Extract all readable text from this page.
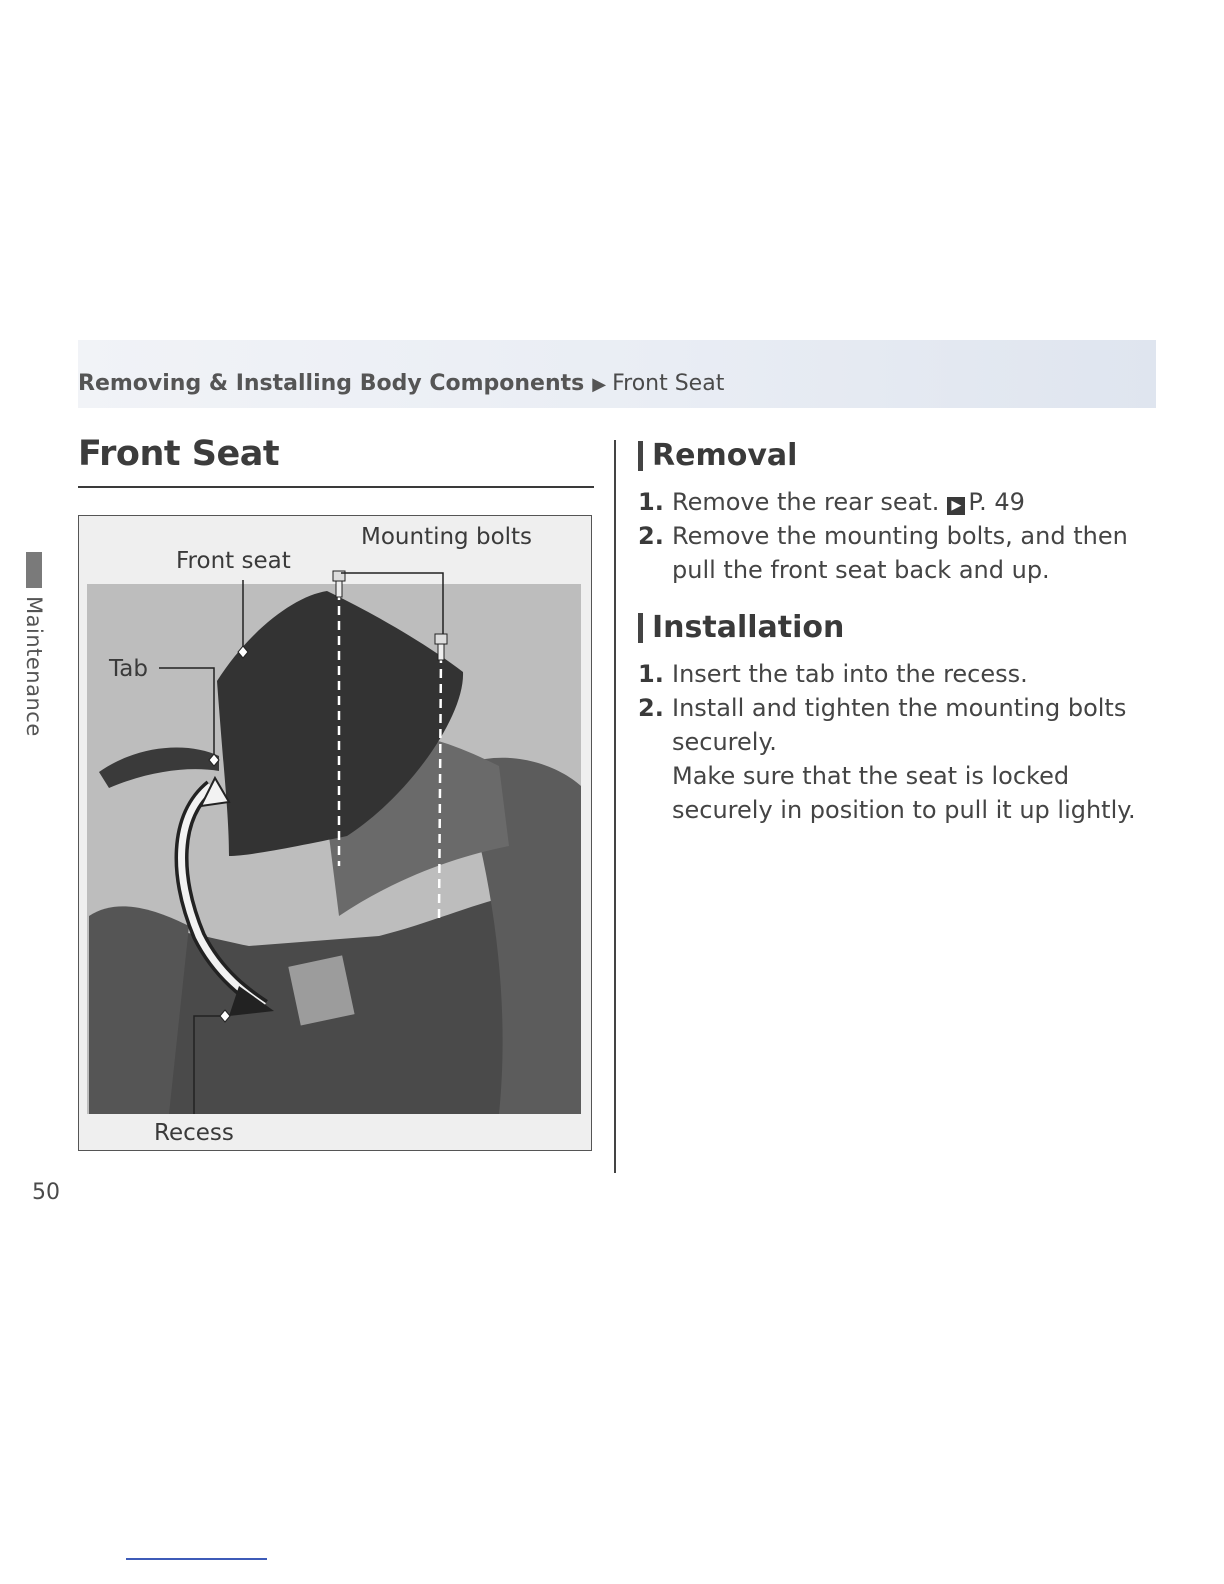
Removing & Installing Body Components ▶ Front Seat
Front Seat
Maintenance
50
Mounting bolts
Front seat
Tab
Recess
Removal
1. Remove the rear seat. ▶ P. 49
2. Remove the mounting bolts, and then pull the front seat back and up.
Installation
1. Insert the tab into the recess.
2. Install and tighten the mounting bolts securely.
Make sure that the seat is locked securely in position to pull it up lightly.
